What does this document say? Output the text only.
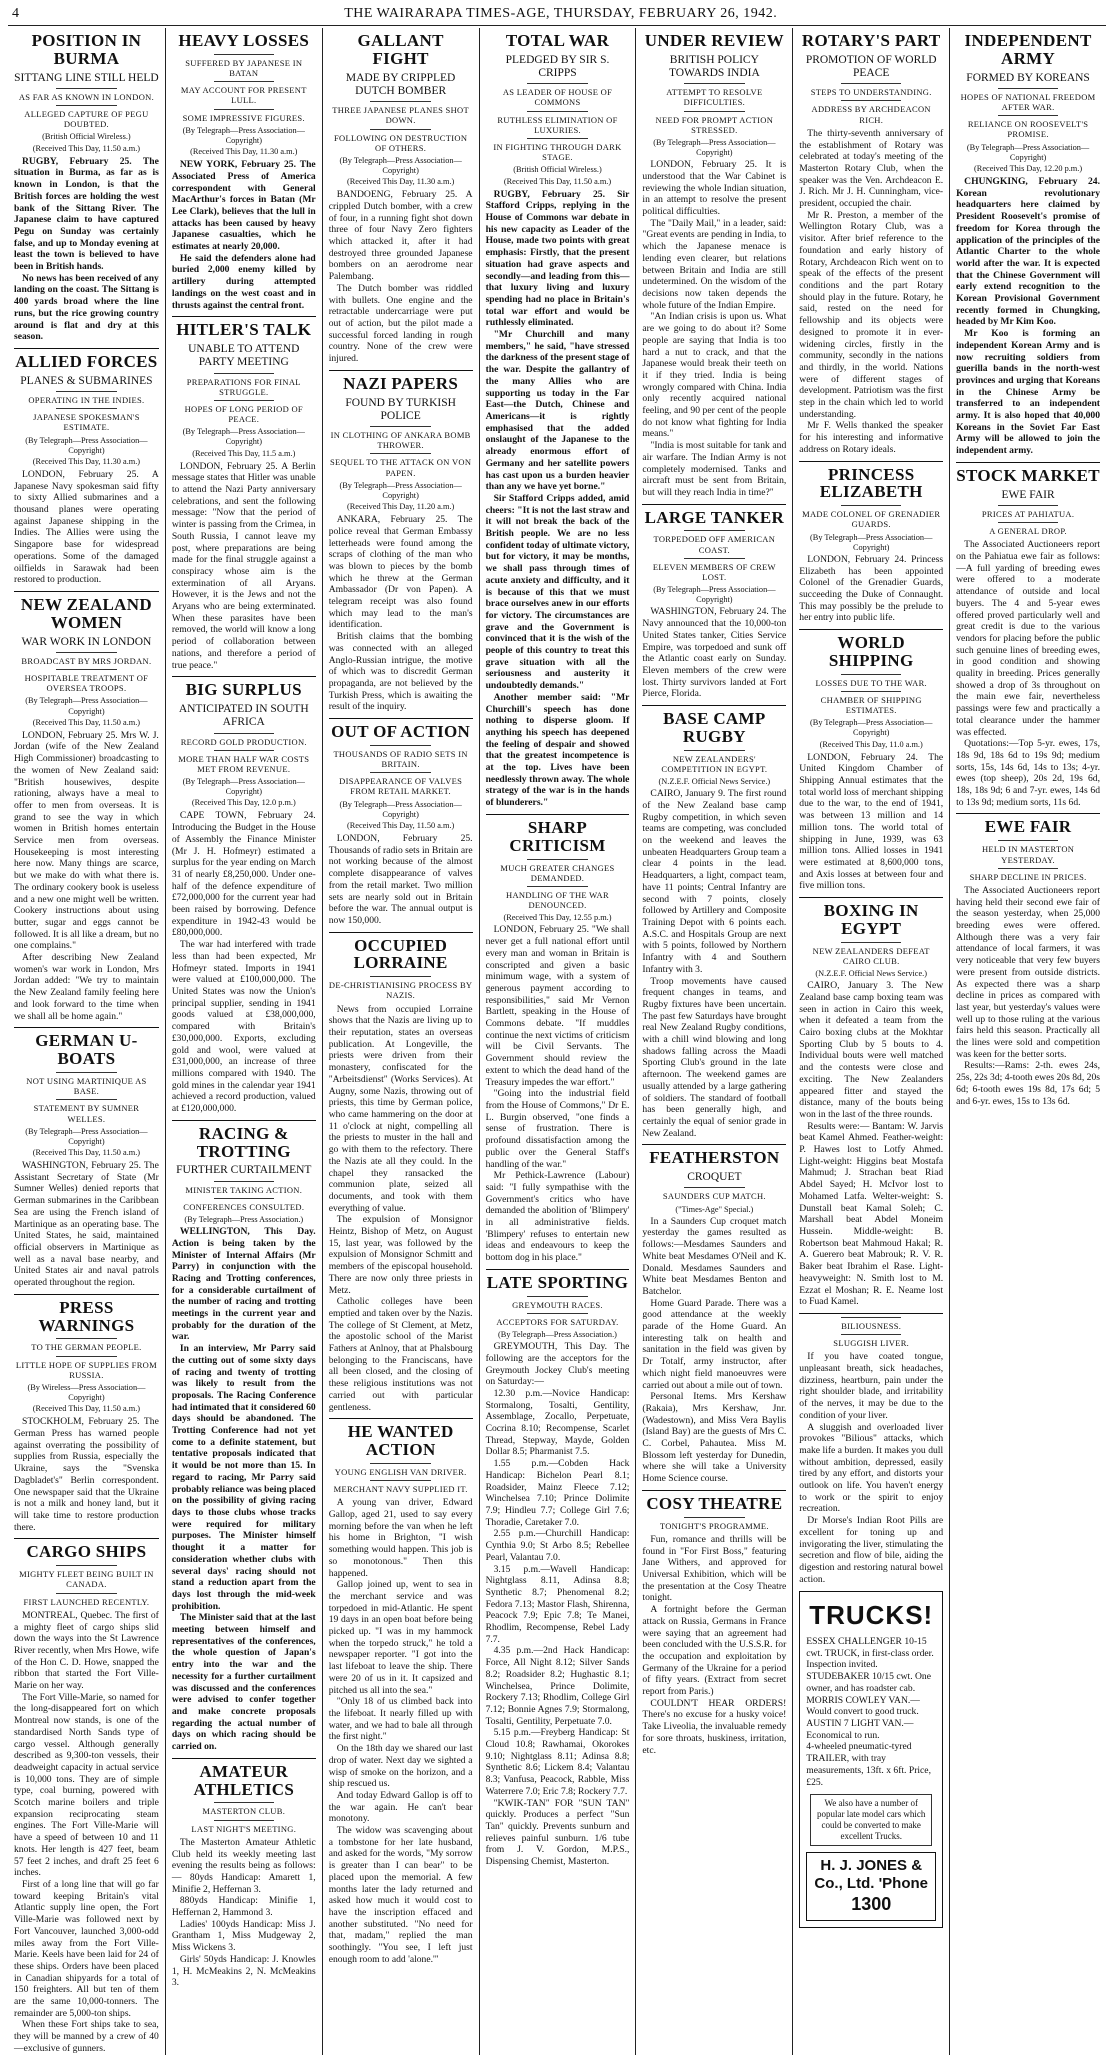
4	THE WAIRARAPA TIMES-AGE, THURSDAY, FEBRUARY 26, 1942.
POSITION IN BURMA
SITTANG LINE STILL HELD
AS FAR AS KNOWN IN LONDON.
ALLEGED CAPTURE OF PEGU DOUBTED.
(British Official Wireless.)
(Received This Day, 11.50 a.m.)

RUGBY, February 25. The situation in Burma, as far as is known in London, is that the British forces are holding the west bank of the Sittang River. The Japanese claim to have captured Pegu on Sunday was certainly false, and up to Monday evening at least the town is believed to have been in British hands.

No news has been received of any landing on the coast. The Sittang is 400 yards broad where the line runs, but the rice growing country around is flat and dry at this season.

ALLIED FORCES
PLANES & SUBMARINES
OPERATING IN THE INDIES.
JAPANESE SPOKESMAN'S ESTIMATE.
(By Telegraph—Press Association—Copyright)
(Received This Day, 11.30 a.m.)

LONDON, February 25. A Japanese Navy spokesman said fifty to sixty Allied submarines and a thousand planes were operating against Japanese shipping in the Indies. The Allies were using the Singapore base for widespread operations. Some of the damaged oilfields in Sarawak had been restored to production.

NEW ZEALAND WOMEN
WAR WORK IN LONDON
BROADCAST BY MRS JORDAN.
HOSPITABLE TREATMENT OF OVERSEA TROOPS.
(By Telegraph—Press Association—Copyright)
(Received This Day, 11.50 a.m.)

LONDON, February 25. Mrs W. J. Jordan (wife of the New Zealand High Commissioner) broadcasting to the women of New Zealand said: "British housewives, despite rationing, always have a meal to offer to men from overseas. It is grand to see the way in which women in British homes entertain Service men from overseas. Housekeeping is most interesting here now. Many things are scarce, but we make do with what there is. The ordinary cookery book is useless and a new one might well be written. Cookery instructions about using butter, sugar and eggs cannot be followed. It is all like a dream, but no one complains."

After describing New Zealand women's war work in London, Mrs Jordan added: "We try to maintain the New Zealand family feeling here and look forward to the time when we shall all be home again."

GERMAN U-BOATS
NOT USING MARTINIQUE AS BASE.
STATEMENT BY SUMNER WELLES.
(By Telegraph—Press Association—Copyright)
(Received This Day, 11.50 a.m.)

WASHINGTON, February 25. The Assistant Secretary of State (Mr Sumner Welles) denied reports that German submarines in the Caribbean Sea are using the French island of Martinique as an operating base. The United States, he said, maintained official observers in Martinique as well as a naval base nearby, and United States air and naval patrols operated throughout the region.

PRESS WARNINGS
TO THE GERMAN PEOPLE.
LITTLE HOPE OF SUPPLIES FROM RUSSIA.
(By Wireless—Press Association—Copyright)
(Received This Day, 11.50 a.m.)

STOCKHOLM, February 25. The German Press has warned people against overrating the possibility of supplies from Russia, especially the Ukraine, says the "Svenska Dagbladet's" Berlin correspondent. One newspaper said that the Ukraine is not a milk and honey land, but it will take time to restore production there.

CARGO SHIPS
MIGHTY FLEET BEING BUILT IN CANADA.
FIRST LAUNCHED RECENTLY.

MONTREAL, Quebec. The first of a mighty fleet of cargo ships slid down the ways into the St Lawrence River recently, when Mrs Howe, wife of the Hon C. D. Howe, snapped the ribbon that started the Fort Ville-Marie on her way.

The Fort Ville-Marie, so named for the long-disappeared fort on which Montreal now stands, is one of the standardised North Sands type of cargo vessel. Although generally described as 9,300-ton vessels, their deadweight capacity in actual service is 10,000 tons. They are of simple type, coal burning, powered with Scotch marine boilers and triple expansion reciprocating steam engines. The Fort Ville-Marie will have a speed of between 10 and 11 knots. Her length is 427 feet, beam 57 feet 2 inches, and draft 25 feet 6 inches.

First of a long line that will go far toward keeping Britain's vital Atlantic supply line open, the Fort Ville-Marie was followed next by Fort Vancouver, launched 3,000-odd miles away from the Fort Ville-Marie. Keels have been laid for 24 of these ships. Orders have been placed in Canadian shipyards for a total of 150 freighters. All but ten of them are the same 10,000-tonners. The remainder are 5,000-ton ships.

When these Fort ships take to sea, they will be manned by a crew of 40 —exclusive of gunners.

HEAVY LOSSES
SUFFERED BY JAPANESE IN BATAN
MAY ACCOUNT FOR PRESENT LULL.
SOME IMPRESSIVE FIGURES.
(By Telegraph—Press Association—Copyright)
(Received This Day, 11.30 a.m.)

NEW YORK, February 25. The Associated Press of America correspondent with General MacArthur's forces in Batan (Mr Lee Clark), believes that the lull in attacks has been caused by heavy Japanese casualties, which he estimates at nearly 20,000.

He said the defenders alone had buried 2,000 enemy killed by artillery during attempted landings on the west coast and in thrusts against the central front.

HITLER'S TALK
UNABLE TO ATTEND PARTY MEETING
PREPARATIONS FOR FINAL STRUGGLE.
HOPES OF LONG PERIOD OF PEACE.
(By Telegraph—Press Association—Copyright)
(Received This Day, 11.5 a.m.)

LONDON, February 25. A Berlin message states that Hitler was unable to attend the Nazi Party anniversary celebrations, and sent the following message: "Now that the period of winter is passing from the Crimea, in South Russia, I cannot leave my post, where preparations are being made for the final struggle against a conspiracy whose aim is the extermination of all Aryans. However, it is the Jews and not the Aryans who are being exterminated. When these parasites have been removed, the world will know a long period of collaboration between nations, and therefore a period of true peace."

BIG SURPLUS
ANTICIPATED IN SOUTH AFRICA
RECORD GOLD PRODUCTION.
MORE THAN HALF WAR COSTS MET FROM REVENUE.
(By Telegraph—Press Association—Copyright)
(Received This Day, 12.0 p.m.)

CAPE TOWN, February 24. Introducing the Budget in the House of Assembly the Finance Minister (Mr J. H. Hofmeyr) estimated a surplus for the year ending on March 31 of nearly £8,250,000. Under one-half of the defence expenditure of £72,000,000 for the current year had been raised by borrowing. Defence expenditure in 1942-43 would be £80,000,000.

The war had interfered with trade less than had been expected, Mr Hofmeyr stated. Imports in 1941 were valued at £100,000,000. The United States was now the Union's principal supplier, sending in 1941 goods valued at £38,000,000, compared with Britain's £30,000,000. Exports, excluding gold and wool, were valued at £31,000,000, an increase of three millions compared with 1940. The gold mines in the calendar year 1941 achieved a record production, valued at £120,000,000.

RACING & TROTTING
FURTHER CURTAILMENT
MINISTER TAKING ACTION.
CONFERENCES CONSULTED.
(By Telegraph—Press Association.)

WELLINGTON, This Day. Action is being taken by the Minister of Internal Affairs (Mr Parry) in conjunction with the Racing and Trotting conferences, for a considerable curtailment of the number of racing and trotting meetings in the current year and probably for the duration of the war.

In an interview, Mr Parry said the cutting out of some sixty days of racing and twenty of trotting was likely to result from the proposals. The Racing Conference had intimated that it considered 60 days should be abandoned. The Trotting Conference had not yet come to a definite statement, but tentative proposals indicated that it would be not more than 15. In regard to racing, Mr Parry said probably reliance was being placed on the possibility of giving racing days to those clubs whose tracks were required for military purposes. The Minister himself thought it a matter for consideration whether clubs with several days' racing should not stand a reduction apart from the days lost through the mid-week prohibition.

The Minister said that at the last meeting between himself and representatives of the conferences, the whole question of Japan's entry into the war and the necessity for a further curtailment was discussed and the conferences were advised to confer together and make concrete proposals regarding the actual number of days on which racing should be carried on.

AMATEUR ATHLETICS
MASTERTON CLUB.
LAST NIGHT'S MEETING.

The Masterton Amateur Athletic Club held its weekly meeting last evening the results being as follows:— 80yds Handicap: Amarett 1, Minifie 2, Heffernan 3.

880yds Handicap: Minifie 1, Heffernan 2, Hammond 3.

Ladies' 100yds Handicap: Miss J. Grantham 1, Miss Mudgeway 2, Miss Wickens 3.

Girls' 50yds Handicap: J. Knowles 1, H. McMeakins 2, N. McMeakins 3.

GALLANT FIGHT
MADE BY CRIPPLED DUTCH BOMBER
THREE JAPANESE PLANES SHOT DOWN.
FOLLOWING ON DESTRUCTION OF OTHERS.
(By Telegraph—Press Association—Copyright)
(Received This Day, 11.30 a.m.)

BANDOENG, February 25. A crippled Dutch bomber, with a crew of four, in a running fight shot down three of four Navy Zero fighters which attacked it, after it had destroyed three grounded Japanese bombers on an aerodrome near Palembang.

The Dutch bomber was riddled with bullets. One engine and the retractable undercarriage were put out of action, but the pilot made a successful forced landing in rough country. None of the crew were injured.

NAZI PAPERS
FOUND BY TURKISH POLICE
IN CLOTHING OF ANKARA BOMB THROWER.
SEQUEL TO THE ATTACK ON VON PAPEN.
(By Telegraph—Press Association—Copyright)
(Received This Day, 11.20 a.m.)

ANKARA, February 25. The police reveal that German Embassy letterheads were found among the scraps of clothing of the man who was blown to pieces by the bomb which he threw at the German Ambassador (Dr von Papen). A telegram receipt was also found which may lead to the man's identification.

British claims that the bombing was connected with an alleged Anglo-Russian intrigue, the motive of which was to discredit German propaganda, are not believed by the Turkish Press, which is awaiting the result of the inquiry.

OUT OF ACTION
THOUSANDS OF RADIO SETS IN BRITAIN.
DISAPPEARANCE OF VALVES FROM RETAIL MARKET.
(By Telegraph—Press Association—Copyright)
(Received This Day, 11.50 a.m.)

LONDON, February 25. Thousands of radio sets in Britain are not working because of the almost complete disappearance of valves from the retail market. Two million sets are nearly sold out in Britain before the war. The annual output is now 150,000.

OCCUPIED LORRAINE
DE-CHRISTIANISING PROCESS BY NAZIS.

News from occupied Lorraine shows that the Nazis are living up to their reputation, states an overseas publication. At Longeville, the priests were driven from their monastery, confiscated for the "Arbeitsdienst" (Works Services). At Augny, some Nazis, throwing out of priests, this time by German police, who came hammering on the door at 11 o'clock at night, compelling all the priests to muster in the hall and go with them to the refectory. There the Nazis ate all they could. In the chapel they ransacked the communion plate, seized all documents, and took with them everything of value.

The expulsion of Monsignor Heintz, Bishop of Metz, on August 15, last year, was followed by the expulsion of Monsignor Schmitt and members of the episcopal household. There are now only three priests in Metz.

Catholic colleges have been emptied and taken over by the Nazis. The college of St Clement, at Metz, the apostolic school of the Marist Fathers at Anlnoy, that at Phalsbourg belonging to the Franciscans, have all been closed, and the closing of these religious institutions was not carried out with particular gentleness.

HE WANTED ACTION
YOUNG ENGLISH VAN DRIVER.
MERCHANT NAVY SUPPLIED IT.

A young van driver, Edward Gallop, aged 21, used to say every morning before the van when he left his home in Brighton, "I wish something would happen. This job is so monotonous." Then this happened.

Gallop joined up, went to sea in the merchant service and was torpedoed in mid-Atlantic. He spent 19 days in an open boat before being picked up. "I was in my hammock when the torpedo struck," he told a newspaper reporter. "I got into the last lifeboat to leave the ship. There were 20 of us in it. It capsized and pitched us all into the sea."

"Only 18 of us climbed back into the lifeboat. It nearly filled up with water, and we had to bale all through the first night."

On the 18th day we shared our last drop of water. Next day we sighted a wisp of smoke on the horizon, and a ship rescued us.

And today Edward Gallop is off to the war again. He can't bear monotony.

The widow was scavenging about a tombstone for her late husband, and asked for the words, "My sorrow is greater than I can bear" to be placed upon the memorial. A few months later the lady returned and asked how much it would cost to have the inscription effaced and another substituted. "No need for that, madam," replied the man soothingly. "You see, I left just enough room to add 'alone.'"

TOTAL WAR
PLEDGED BY SIR S. CRIPPS
AS LEADER OF HOUSE OF COMMONS
RUTHLESS ELIMINATION OF LUXURIES.
IN FIGHTING THROUGH DARK STAGE.
(British Official Wireless.)
(Received This Day, 11.50 a.m.)

RUGBY, February 25. Sir Stafford Cripps, replying in the House of Commons war debate in his new capacity as Leader of the House, made two points with great emphasis: Firstly, that the present situation had grave aspects and secondly—and leading from this—that luxury living and luxury spending had no place in Britain's total war effort and would be ruthlessly eliminated.

"Mr Churchill and many members," he said, "have stressed the darkness of the present stage of the war. Despite the gallantry of the many Allies who are supporting us today in the Far East—the Dutch, Chinese and Americans—it is rightly emphasised that the added onslaught of the Japanese to the already enormous effort of Germany and her satellite powers has cast upon us a burden heavier than any we have yet borne."

Sir Stafford Cripps added, amid cheers: "It is not the last straw and it will not break the back of the British people. We are no less confident today of ultimate victory, but for victory, it may be months, we shall pass through times of acute anxiety and difficulty, and it is because of this that we must brace ourselves anew in our efforts for victory. The circumstances are grave and the Government is convinced that it is the wish of the people of this country to treat this grave situation with all the seriousness and austerity it undoubtedly demands."

Another member said: "Mr Churchill's speech has done nothing to disperse gloom. If anything his speech has deepened the feeling of despair and showed that the greatest incompetence is at the top. Lives have been needlessly thrown away. The whole strategy of the war is in the hands of blunderers."

SHARP CRITICISM
MUCH GREATER CHANGES DEMANDED.
HANDLING OF THE WAR DENOUNCED.
(Received This Day, 12.55 p.m.)

LONDON, February 25. "We shall never get a full national effort until every man and woman in Britain is conscripted and given a basic minimum wage, with a system of generous payment according to responsibilities," said Mr Vernon Bartlett, speaking in the House of Commons debate. "If muddles continue the next victims of criticism will be Civil Servants. The Government should review the extent to which the dead hand of the Treasury impedes the war effort."

"Going into the industrial field from the House of Commons," Dr E. L. Burgin observed, "one finds a sense of frustration. There is profound dissatisfaction among the public over the General Staff's handling of the war."

Mr Pethick-Lawrence (Labour) said: "I fully sympathise with the Government's critics who have demanded the abolition of 'Blimpery' in all administrative fields. 'Blimpery' refuses to entertain new ideas and endeavours to keep the bottom dog in his place."

LATE SPORTING
GREYMOUTH RACES.
ACCEPTORS FOR SATURDAY.
(By Telegraph—Press Association.)

GREYMOUTH, This Day. The following are the acceptors for the Greymouth Jockey Club's meeting on Saturday:—

12.30 p.m.—Novice Handicap: Stormalong, Tosalti, Gentility, Assemblage, Zocallo, Perpetuate, Cocrina 8.10; Recompense, Scarlet Thread, Stepway, Mayde, Golden Dollar 8.5; Pharmanist 7.5.

1.55 p.m.—Cobden Hack Handicap: Bichelon Pearl 8.1; Roadsider, Mainz Fleece 7.12; Winchelsea 7.10; Prince Dolimite 7.9; Hindleu 7.7; College Girl 7.6; Thoradie, Caretaker 7.0.

2.55 p.m.—Churchill Handicap: Cynthia 9.0; St Arbo 8.5; Rebellee Pearl, Valantau 7.0.

3.15 p.m.—Wavell Handicap: Nightglass 8.11, Adinsa 8.8; Synthetic 8.7; Phenomenal 8.2; Fedora 7.13; Mastor Flash, Shirenna, Peacock 7.9; Epic 7.8; Te Manei, Rhodlim, Recompense, Rebel Lady 7.7.

4.35 p.m.—2nd Hack Handicap: Force, All Night 8.12; Silver Sands 8.2; Roadsider 8.2; Hughastic 8.1; Winchelsea, Prince Dolimite, Rockery 7.13; Rhodlim, College Girl 7.12; Bonnie Agnes 7.9; Stormalong, Tosalti, Gentility, Perpetuate 7.0.

5.15 p.m.—Freyberg Handicap: St Cloud 10.8; Rawhamai, Okorokes 9.10; Nightglass 8.11; Adinsa 8.8; Synthetic 8.6; Lickem 8.4; Valantau 8.3; Vanfusa, Peacock, Rabble, Miss Waterrere 7.0; Eric 7.8; Rockery 7.7.

"KWIK-TAN" FOR "SUN TAN" quickly. Produces a perfect "Sun Tan" quickly. Prevents sunburn and relieves painful sunburn. 1/6 tube from J. V. Gordon, M.P.S., Dispensing Chemist, Masterton.

UNDER REVIEW
BRITISH POLICY TOWARDS INDIA
ATTEMPT TO RESOLVE DIFFICULTIES.
NEED FOR PROMPT ACTION STRESSED.
(By Telegraph—Press Association—Copyright)

LONDON, February 25. It is understood that the War Cabinet is reviewing the whole Indian situation, in an attempt to resolve the present political difficulties.

The "Daily Mail," in a leader, said: "Great events are pending in India, to which the Japanese menace is lending even clearer, but relations between Britain and India are still undetermined. On the wisdom of the decisions now taken depends the whole future of the Indian Empire.

"An Indian crisis is upon us. What are we going to do about it? Some people are saying that India is too hard a nut to crack, and that the Japanese would break their teeth on it if they tried. India is being wrongly compared with China. India only recently acquired national feeling, and 90 per cent of the people do not know what fighting for India means."

"India is most suitable for tank and air warfare. The Indian Army is not completely modernised. Tanks and aircraft must be sent from Britain, but will they reach India in time?"

LARGE TANKER
TORPEDOED OFF AMERICAN COAST.
ELEVEN MEMBERS OF CREW LOST.
(By Telegraph—Press Association—Copyright)

WASHINGTON, February 24. The Navy announced that the 10,000-ton United States tanker, Cities Service Empire, was torpedoed and sunk off the Atlantic coast early on Sunday. Eleven members of the crew were lost. Thirty survivors landed at Fort Pierce, Florida.

BASE CAMP RUGBY
NEW ZEALANDERS' COMPETITION IN EGYPT.
(N.Z.E.F. Official News Service.)

CAIRO, January 9. The first round of the New Zealand base camp Rugby competition, in which seven teams are competing, was concluded on the weekend and leaves the unbeaten Headquarters Group team a clear 4 points in the lead. Headquarters, a light, compact team, have 11 points; Central Infantry are second with 7 points, closely followed by Artillery and Composite Training Depot with 6 points each. A.S.C. and Hospitals Group are next with 5 points, followed by Northern Infantry with 4 and Southern Infantry with 3.

Troop movements have caused frequent changes in teams, and Rugby fixtures have been uncertain. The past few Saturdays have brought real New Zealand Rugby conditions, with a chill wind blowing and long shadows falling across the Maadi Sporting Club's ground in the late afternoon. The weekend games are usually attended by a large gathering of soldiers. The standard of football has been generally high, and certainly the equal of senior grade in New Zealand.

FEATHERSTON
CROQUET
SAUNDERS CUP MATCH.
("Times-Age" Special.)

In a Saunders Cup croquet match yesterday the games resulted as follows:—Mesdames Saunders and White beat Mesdames O'Neil and K. Donald. Mesdames Saunders and White beat Mesdames Benton and Batchelor.

Home Guard Parade. There was a good attendance at the weekly parade of the Home Guard. An interesting talk on health and sanitation in the field was given by Dr Totalf, army instructor, after which night field manoeuvres were carried out about a mile out of town.

Personal Items. Mrs Kershaw (Rakaia), Mrs Kershaw, Jnr. (Wadestown), and Miss Vera Baylis (Island Bay) are the guests of Mrs C. C. Corbel, Pahautea. Miss M. Blossom left yesterday for Dunedin, where she will take a University Home Science course.

COSY THEATRE
TONIGHT'S PROGRAMME.

Fun, romance and thrills will be found in "For First Boss," featuring Jane Withers, and approved for Universal Exhibition, which will be the presentation at the Cosy Theatre tonight.

A fortnight before the German attack on Russia, Germans in France were saying that an agreement had been concluded with the U.S.S.R. for the occupation and exploitation by Germany of the Ukraine for a period of fifty years. (Extract from secret report from Paris.)

COULDN'T HEAR ORDERS! There's no excuse for a husky voice! Take Liveolia, the invaluable remedy for sore throats, huskiness, irritation, etc.

ROTARY'S PART
PROMOTION OF WORLD PEACE
STEPS TO UNDERSTANDING.
ADDRESS BY ARCHDEACON RICH.

The thirty-seventh anniversary of the establishment of Rotary was celebrated at today's meeting of the Masterton Rotary Club, when the speaker was the Ven. Archdeacon E. J. Rich. Mr J. H. Cunningham, vice-president, occupied the chair.

Mr R. Preston, a member of the Wellington Rotary Club, was a visitor. After brief reference to the foundation and early history of Rotary, Archdeacon Rich went on to speak of the effects of the present conditions and the part Rotary should play in the future. Rotary, he said, rested on the need for fellowship and its objects were designed to promote it in ever-widening circles, firstly in the community, secondly in the nations and thirdly, in the world. Nations were of different stages of development. Patriotism was the first step in the chain which led to world understanding.

Mr F. Wells thanked the speaker for his interesting and informative address on Rotary ideals.

PRINCESS ELIZABETH
MADE COLONEL OF GRENADIER GUARDS.
(By Telegraph—Press Association—Copyright)

LONDON, February 24. Princess Elizabeth has been appointed Colonel of the Grenadier Guards, succeeding the Duke of Connaught. This may possibly be the prelude to her entry into public life.

WORLD SHIPPING
LOSSES DUE TO THE WAR.
CHAMBER OF SHIPPING ESTIMATES.
(By Telegraph—Press Association—Copyright)
(Received This Day, 11.0 a.m.)

LONDON, February 24. The United Kingdom Chamber of Shipping Annual estimates that the total world loss of merchant shipping due to the war, to the end of 1941, was between 13 million and 14 million tons. The world total of shipping in June, 1939, was 63 million tons. Allied losses in 1941 were estimated at 8,600,000 tons, and Axis losses at between four and five million tons.

BOXING IN EGYPT
NEW ZEALANDERS DEFEAT CAIRO CLUB.
(N.Z.E.F. Official News Service.)

CAIRO, January 3. The New Zealand base camp boxing team was seen in action in Cairo this week, when it defeated a team from the Cairo boxing clubs at the Mokhtar Sporting Club by 5 bouts to 4. Individual bouts were well matched and the contests were close and exciting. The New Zealanders appeared fitter and stayed the distance, many of the bouts being won in the last of the three rounds.

Results were:— Bantam: W. Jarvis beat Kamel Ahmed. Feather-weight: P. Hawes lost to Lotfy Ahmed. Light-weight: Higgins beat Mostafa Mahmud; J. Strachan beat Riad Abdel Sayed; H. McIvor lost to Mohamed Latfa. Welter-weight: S. Dunstall beat Kamal Soleh; C. Marshall beat Abdel Moneim Hussein. Middle-weight: B. Robertson beat Mahmoud Hakal; R. A. Guerero beat Mabrouk; R. V. R. Baker beat Ibrahim el Rase. Light-heavyweight: N. Smith lost to M. Ezzat el Moshan; R. E. Neame lost to Fuad Kamel.

BILIOUSNESS.
SLUGGISH LIVER.

If you have coated tongue, unpleasant breath, sick headaches, dizziness, heartburn, pain under the right shoulder blade, and irritability of the nerves, it may be due to the condition of your liver.

A sluggish and overloaded liver provokes "Bilious" attacks, which make life a burden. It makes you dull without ambition, depressed, easily tired by any effort, and distorts your outlook on life. You haven't energy to work or the spirit to enjoy recreation.

Dr Morse's Indian Root Pills are excellent for toning up and invigorating the liver, stimulating the secretion and flow of bile, aiding the digestion and restoring natural bowel action.

TRUCKS!

ESSEX CHALLENGER 10-15 cwt. TRUCK, in first-class order. Inspection invited.

STUDEBAKER 10/15 cwt. One owner, and has roadster cab.

MORRIS COWLEY VAN.—Would convert to good truck.

AUSTIN 7 LIGHT VAN.—Economical to run.

4-wheeled pneumatic-tyred TRAILER, with tray measurements, 13ft. x 6ft. Price, £25.

We also have a number of popular late model cars which could be converted to make excellent Trucks.
H. J. JONES & Co., Ltd. 'Phone 1300
INDEPENDENT ARMY
FORMED BY KOREANS
HOPES OF NATIONAL FREEDOM AFTER WAR.
RELIANCE ON ROOSEVELT'S PROMISE.
(By Telegraph—Press Association—Copyright)
(Received This Day, 12.20 p.m.)

CHUNGKING, February 24. Korean revolutionary headquarters here claimed by President Roosevelt's promise of freedom for Korea through the application of the principles of the Atlantic Charter to the whole world after the war. It is expected that the Chinese Government will early extend recognition to the Korean Provisional Government recently formed in Chungking, headed by Mr Kim Koo.

Mr Koo is forming an independent Korean Army and is now recruiting soldiers from guerilla bands in the north-west provinces and urging that Koreans in the Chinese Army be transferred to an independent army. It is also hoped that 40,000 Koreans in the Soviet Far East Army will be allowed to join the independent army.

STOCK MARKET
EWE FAIR
PRICES AT PAHIATUA.
A GENERAL DROP.

The Associated Auctioneers report on the Pahiatua ewe fair as follows:—A full yarding of breeding ewes were offered to a moderate attendance of outside and local buyers. The 4 and 5-year ewes offered proved particularly well and great credit is due to the various vendors for placing before the public such genuine lines of breeding ewes, in good condition and showing quality in breeding. Prices generally showed a drop of 3s throughout on the main ewe fair, nevertheless passings were few and practically a total clearance under the hammer was effected.

Quotations:—Top 5-yr. ewes, 17s, 18s 9d, 18s 6d to 19s 9d; medium sorts, 15s, 14s 6d, 14s to 13s; 4-yr. ewes (top sheep), 20s 2d, 19s 6d, 18s, 18s 9d; 6 and 7-yr. ewes, 14s 6d to 13s 9d; medium sorts, 11s 6d.

EWE FAIR
HELD IN MASTERTON YESTERDAY.
SHARP DECLINE IN PRICES.

The Associated Auctioneers report having held their second ewe fair of the season yesterday, when 25,000 breeding ewes were offered. Although there was a very fair attendance of local farmers, it was very noticeable that very few buyers were present from outside districts. As expected there was a sharp decline in prices as compared with last year, but yesterday's values were well up to those ruling at the various fairs held this season. Practically all the lines were sold and competition was keen for the better sorts.

Results:—Rams: 2-th. ewes 24s, 25s, 22s 3d; 4-tooth ewes 20s 8d, 20s 6d; 6-tooth ewes 19s 8d, 17s 6d; 5 and 6-yr. ewes, 15s to 13s 6d.
